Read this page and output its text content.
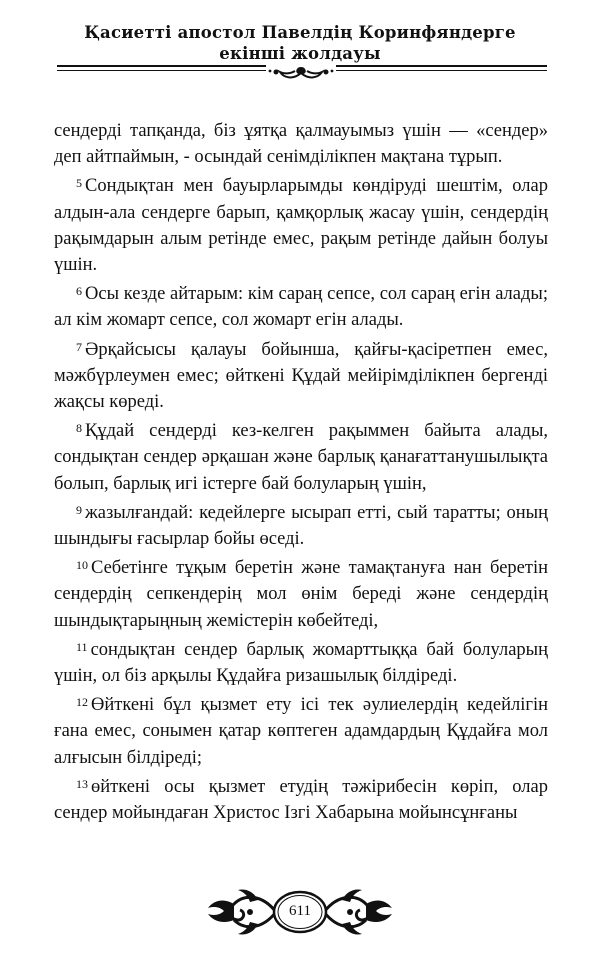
Қасиетті апостол Павелдің Коринфяндерге
екінші жолдауы

сендерді тапқанда, біз ұятқа қалмауымыз үшін — «сендер» деп айтпаймын, - осындай сенімділікпен мақтана тұрып.

$^5$ Сондықтан мен бауырларымды көндіруді шештім, олар алдын-ала сендерге барып, қамқорлық жасау үшін, сендердің рақымдарын алым ретінде емес, рақым ретінде дайын болуы үшін.

$^6$ Осы кезде айтарым: кім сараң сепсе, сол сараң егін алады; ал кім жомарт сепсе, сол жомарт егін алады.

$^7$ Әрқайсысы қалауы бойынша, қайғы-қасіретпен емес, мәжбүрлеумен емес; өйткені Құдай мейірімділікпен бергенді жақсы көреді.

$^8$ Құдай сендерді кез-келген рақыммен байыта алады, сондықтан сендер әрқашан және барлық қанағаттанушылықта болып, барлық игі істерге бай болуларың үшін,

$^9$ жазылғандай: кедейлерге ысырап етті, сый таратты; оның шындығы ғасырлар бойы өседі.

$^{10}$ Себетінге тұқым беретін және тамақтануға нан беретін сендердің сепкендерің мол өнім береді және сендердің шындықтарыңның жемістерін көбейтеді,

$^{11}$ сондықтан сендер барлық жомарттыққа бай болуларың үшін, ол біз арқылы Құдайға ризашылық білдіреді.

$^{12}$ Өйткені бұл қызмет ету ісі тек әулиелердің кедейлігін ғана емес, сонымен қатар көптеген адамдардың Құдайға мол алғысын білдіреді;

$^{13}$ өйткені осы қызмет етудің тәжірибесін көріп, олар сендер мойындаған Христос Ізгі Хабарына мойынсұнғаны

611
